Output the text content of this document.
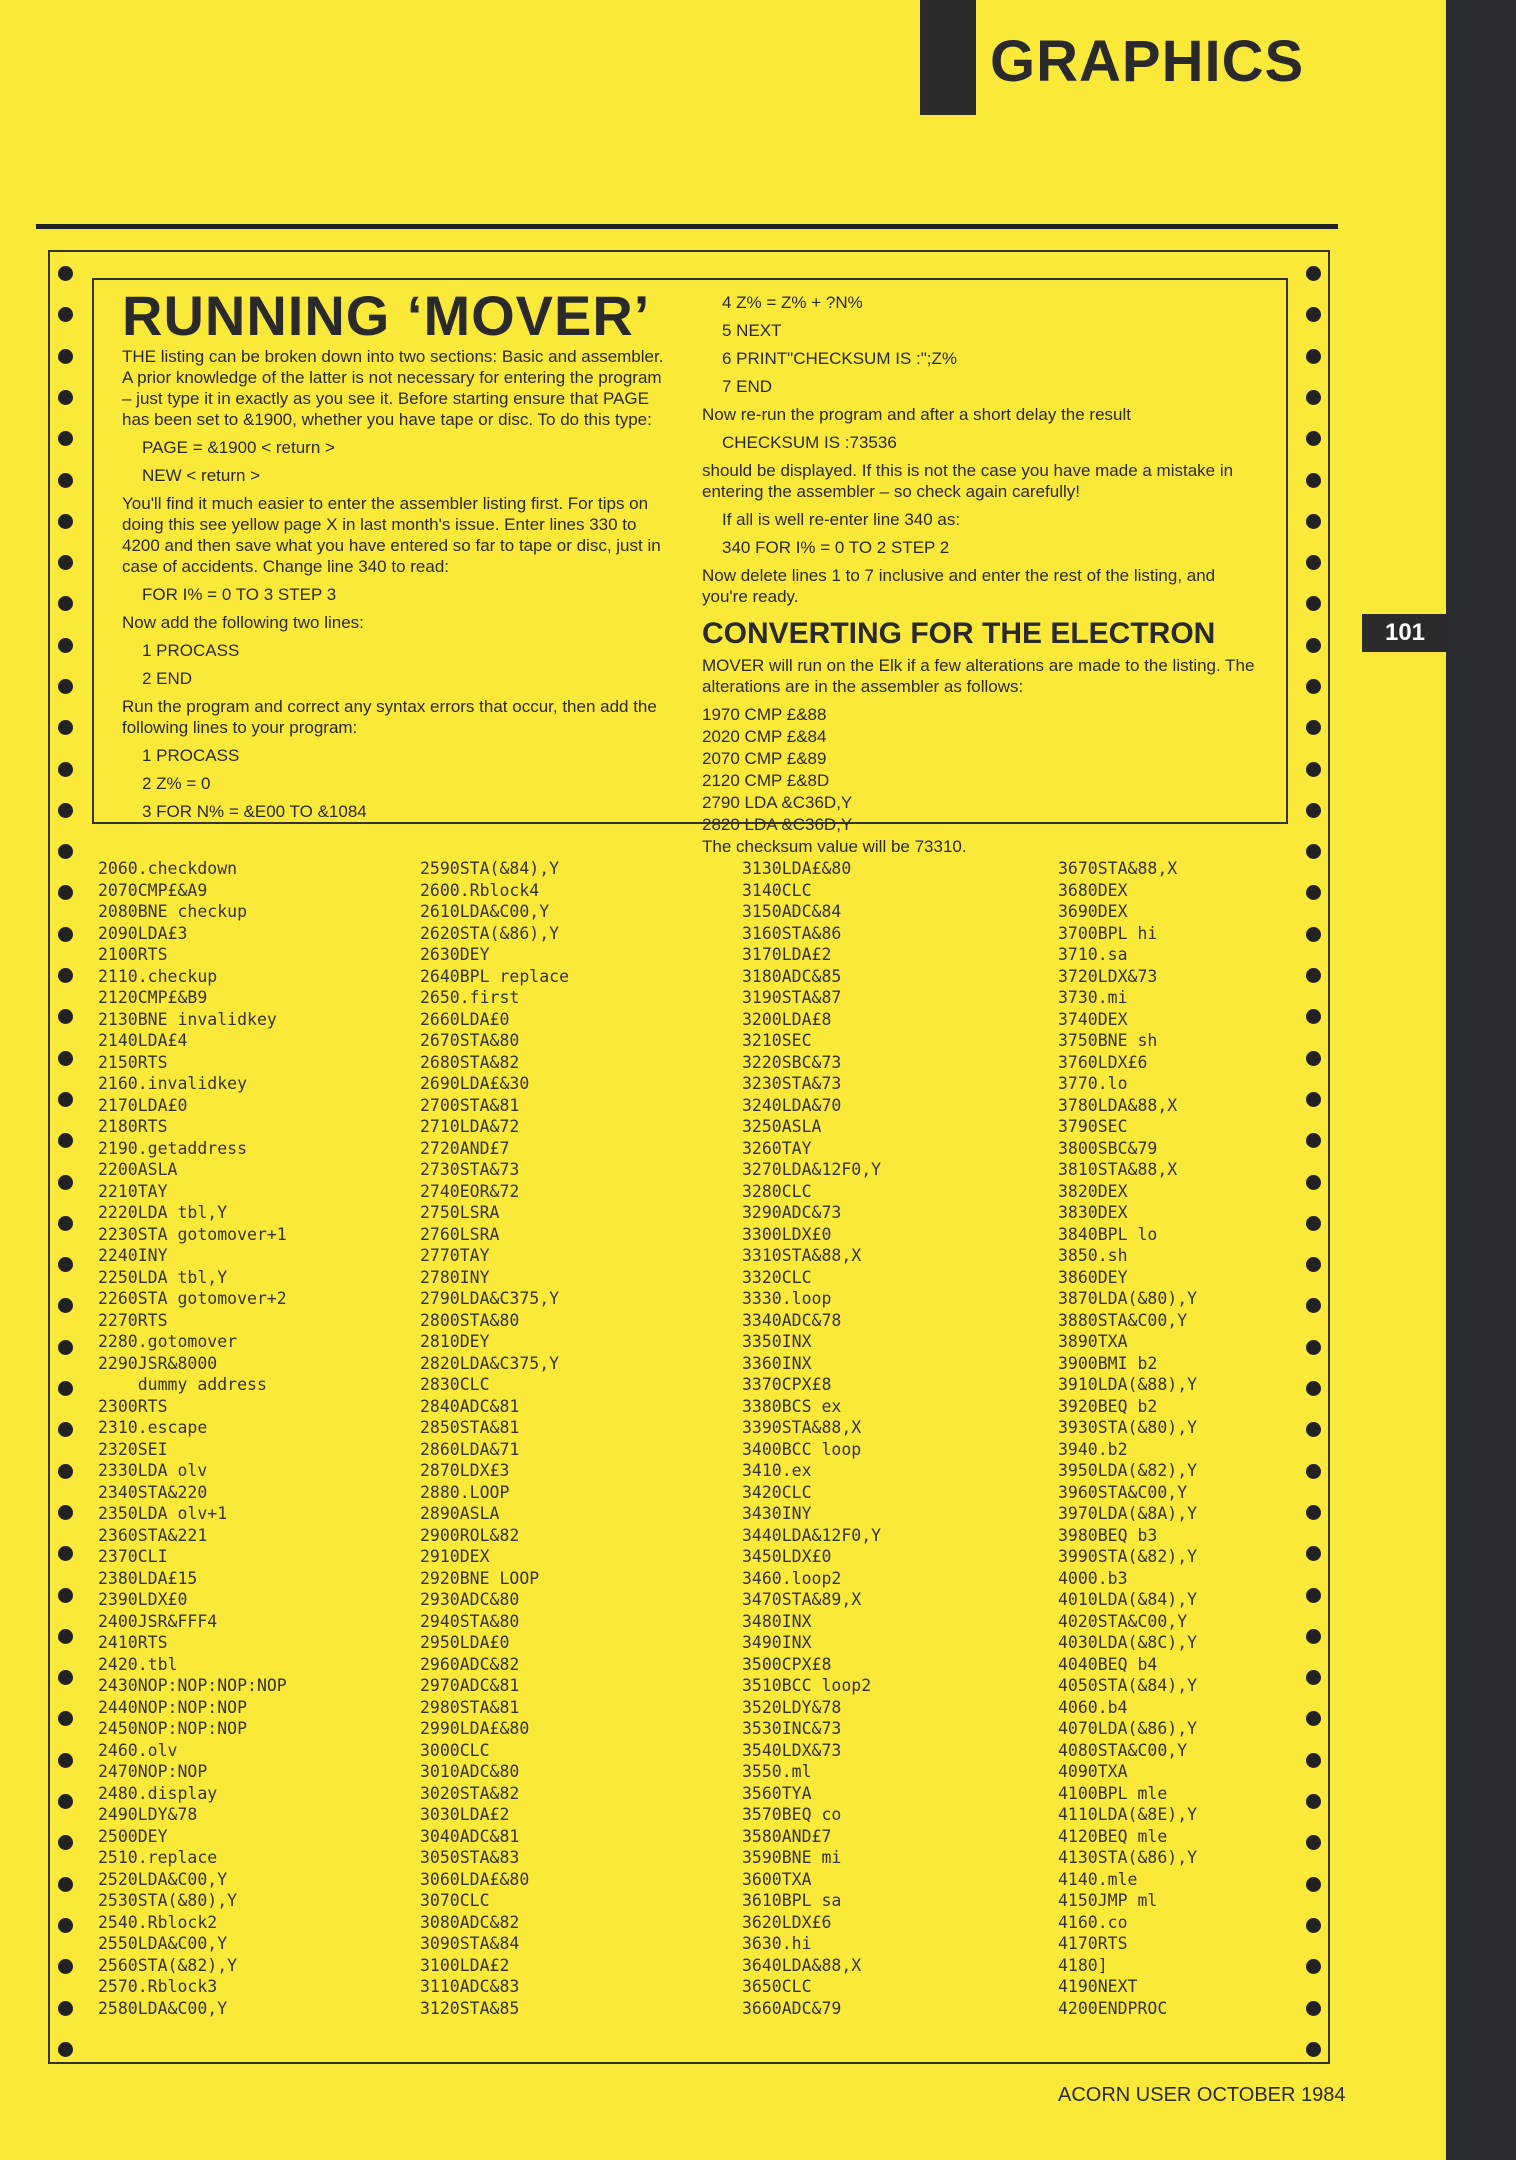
GRAPHICS
RUNNING ‘MOVER’

THE listing can be broken down into two sections: Basic and assembler. A prior knowledge of the latter is not necessary for entering the program – just type it in exactly as you see it. Before starting ensure that PAGE has been set to &1900, whether you have tape or disc. To do this type:

PAGE = &1900 < return >

NEW < return >

You'll find it much easier to enter the assembler listing first. For tips on doing this see yellow page X in last month's issue. Enter lines 330 to 4200 and then save what you have entered so far to tape or disc, just in case of accidents. Change line 340 to read:

FOR I% = 0 TO 3 STEP 3

Now add the following two lines:

1 PROCASS

2 END

Run the program and correct any syntax errors that occur, then add the following lines to your program:

1 PROCASS

2 Z% = 0

3 FOR N% = &E00 TO &1084

4 Z% = Z% + ?N%

5 NEXT

6 PRINT"CHECKSUM IS :";Z%

7 END

Now re-run the program and after a short delay the result

CHECKSUM IS :73536

should be displayed. If this is not the case you have made a mistake in entering the assembler – so check again carefully!

If all is well re-enter line 340 as:

340 FOR I% = 0 TO 2 STEP 2

Now delete lines 1 to 7 inclusive and enter the rest of the listing, and you're ready.

CONVERTING FOR THE ELECTRON

MOVER will run on the Elk if a few alterations are made to the listing. The alterations are in the assembler as follows:

1970 CMP £&88

2020 CMP £&84

2070 CMP £&89

2120 CMP £&8D

2790 LDA &C36D,Y

2820 LDA &C36D,Y

The checksum value will be 73310.

2060.checkdown
2070CMP£&A9
2080BNE checkup
2090LDA£3
2100RTS
2110.checkup
2120CMP£&B9
2130BNE invalidkey
2140LDA£4
2150RTS
2160.invalidkey
2170LDA£0
2180RTS
2190.getaddress
2200ASLA
2210TAY
2220LDA tbl,Y
2230STA gotomover+1
2240INY
2250LDA tbl,Y
2260STA gotomover+2
2270RTS
2280.gotomover
2290JSR&8000
dummy address
2300RTS
2310.escape
2320SEI
2330LDA olv
2340STA&220
2350LDA olv+1
2360STA&221
2370CLI
2380LDA£15
2390LDX£0
2400JSR&FFF4
2410RTS
2420.tbl
2430NOP:NOP:NOP:NOP
2440NOP:NOP:NOP
2450NOP:NOP:NOP
2460.olv
2470NOP:NOP
2480.display
2490LDY&78
2500DEY
2510.replace
2520LDA&C00,Y
2530STA(&80),Y
2540.Rblock2
2550LDA&C00,Y
2560STA(&82),Y
2570.Rblock3
2580LDA&C00,Y
2590STA(&84),Y
2600.Rblock4
2610LDA&C00,Y
2620STA(&86),Y
2630DEY
2640BPL replace
2650.first
2660LDA£0
2670STA&80
2680STA&82
2690LDA£&30
2700STA&81
2710LDA&72
2720AND£7
2730STA&73
2740EOR&72
2750LSRA
2760LSRA
2770TAY
2780INY
2790LDA&C375,Y
2800STA&80
2810DEY
2820LDA&C375,Y
2830CLC
2840ADC&81
2850STA&81
2860LDA&71
2870LDX£3
2880.LOOP
2890ASLA
2900ROL&82
2910DEX
2920BNE LOOP
2930ADC&80
2940STA&80
2950LDA£0
2960ADC&82
2970ADC&81
2980STA&81
2990LDA£&80
3000CLC
3010ADC&80
3020STA&82
3030LDA£2
3040ADC&81
3050STA&83
3060LDA£&80
3070CLC
3080ADC&82
3090STA&84
3100LDA£2
3110ADC&83
3120STA&85
3130LDA£&80
3140CLC
3150ADC&84
3160STA&86
3170LDA£2
3180ADC&85
3190STA&87
3200LDA£8
3210SEC
3220SBC&73
3230STA&73
3240LDA&70
3250ASLA
3260TAY
3270LDA&12F0,Y
3280CLC
3290ADC&73
3300LDX£0
3310STA&88,X
3320CLC
3330.loop
3340ADC&78
3350INX
3360INX
3370CPX£8
3380BCS ex
3390STA&88,X
3400BCC loop
3410.ex
3420CLC
3430INY
3440LDA&12F0,Y
3450LDX£0
3460.loop2
3470STA&89,X
3480INX
3490INX
3500CPX£8
3510BCC loop2
3520LDY&78
3530INC&73
3540LDX&73
3550.ml
3560TYA
3570BEQ co
3580AND£7
3590BNE mi
3600TXA
3610BPL sa
3620LDX£6
3630.hi
3640LDA&88,X
3650CLC
3660ADC&79
3670STA&88,X
3680DEX
3690DEX
3700BPL hi
3710.sa
3720LDX&73
3730.mi
3740DEX
3750BNE sh
3760LDX£6
3770.lo
3780LDA&88,X
3790SEC
3800SBC&79
3810STA&88,X
3820DEX
3830DEX
3840BPL lo
3850.sh
3860DEY
3870LDA(&80),Y
3880STA&C00,Y
3890TXA
3900BMI b2
3910LDA(&88),Y
3920BEQ b2
3930STA(&80),Y
3940.b2
3950LDA(&82),Y
3960STA&C00,Y
3970LDA(&8A),Y
3980BEQ b3
3990STA(&82),Y
4000.b3
4010LDA(&84),Y
4020STA&C00,Y
4030LDA(&8C),Y
4040BEQ b4
4050STA(&84),Y
4060.b4
4070LDA(&86),Y
4080STA&C00,Y
4090TXA
4100BPL mle
4110LDA(&8E),Y
4120BEQ mle
4130STA(&86),Y
4140.mle
4150JMP ml
4160.co
4170RTS
4180]
4190NEXT
4200ENDPROC
ACORN USER OCTOBER 1984
101
